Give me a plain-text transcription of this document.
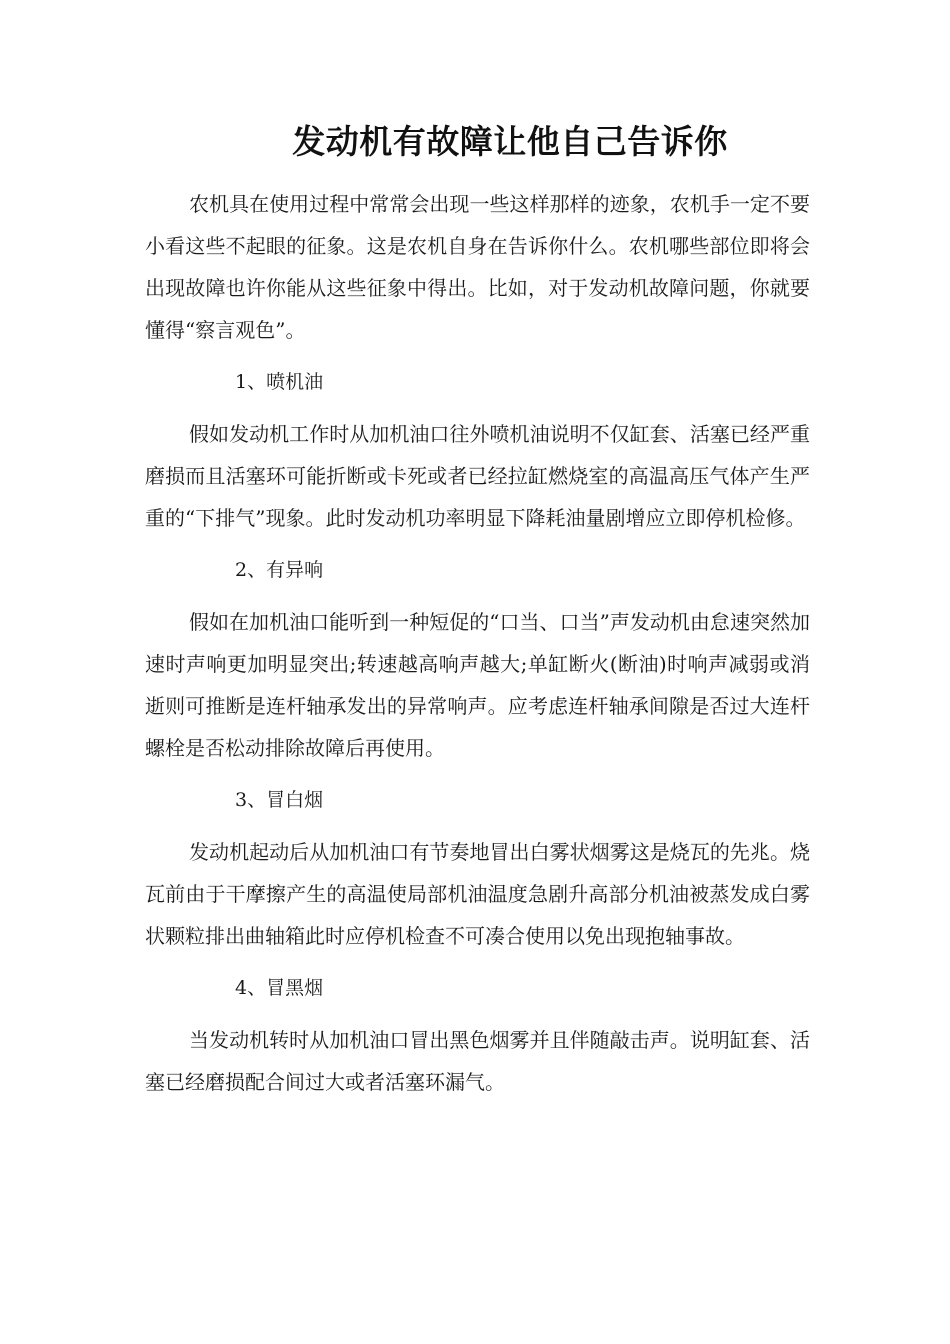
发动机有故障让他自己告诉你

农机具在使用过程中常常会出现一些这样那样的迹象，农机手一定不要小看这些不起眼的征象。这是农机自身在告诉你什么。农机哪些部位即将会出现故障也许你能从这些征象中得出。比如，对于发动机故障问题，你就要懂得“察言观色”。

1、喷机油

假如发动机工作时从加机油口往外喷机油说明不仅缸套、活塞已经严重磨损而且活塞环可能折断或卡死或者已经拉缸燃烧室的高温高压气体产生严重的“下排气”现象。此时发动机功率明显下降耗油量剧增应立即停机检修。

2、有异响

假如在加机油口能听到一种短促的“口当、口当”声发动机由怠速突然加速时声响更加明显突出;转速越高响声越大;单缸断火(断油)时响声减弱或消逝则可推断是连杆轴承发出的异常响声。应考虑连杆轴承间隙是否过大连杆螺栓是否松动排除故障后再使用。

3、冒白烟

发动机起动后从加机油口有节奏地冒出白雾状烟雾这是烧瓦的先兆。烧瓦前由于干摩擦产生的高温使局部机油温度急剧升高部分机油被蒸发成白雾状颗粒排出曲轴箱此时应停机检查不可凑合使用以免出现抱轴事故。

4、冒黑烟

当发动机转时从加机油口冒出黑色烟雾并且伴随敲击声。说明缸套、活塞已经磨损配合间过大或者活塞环漏气。
